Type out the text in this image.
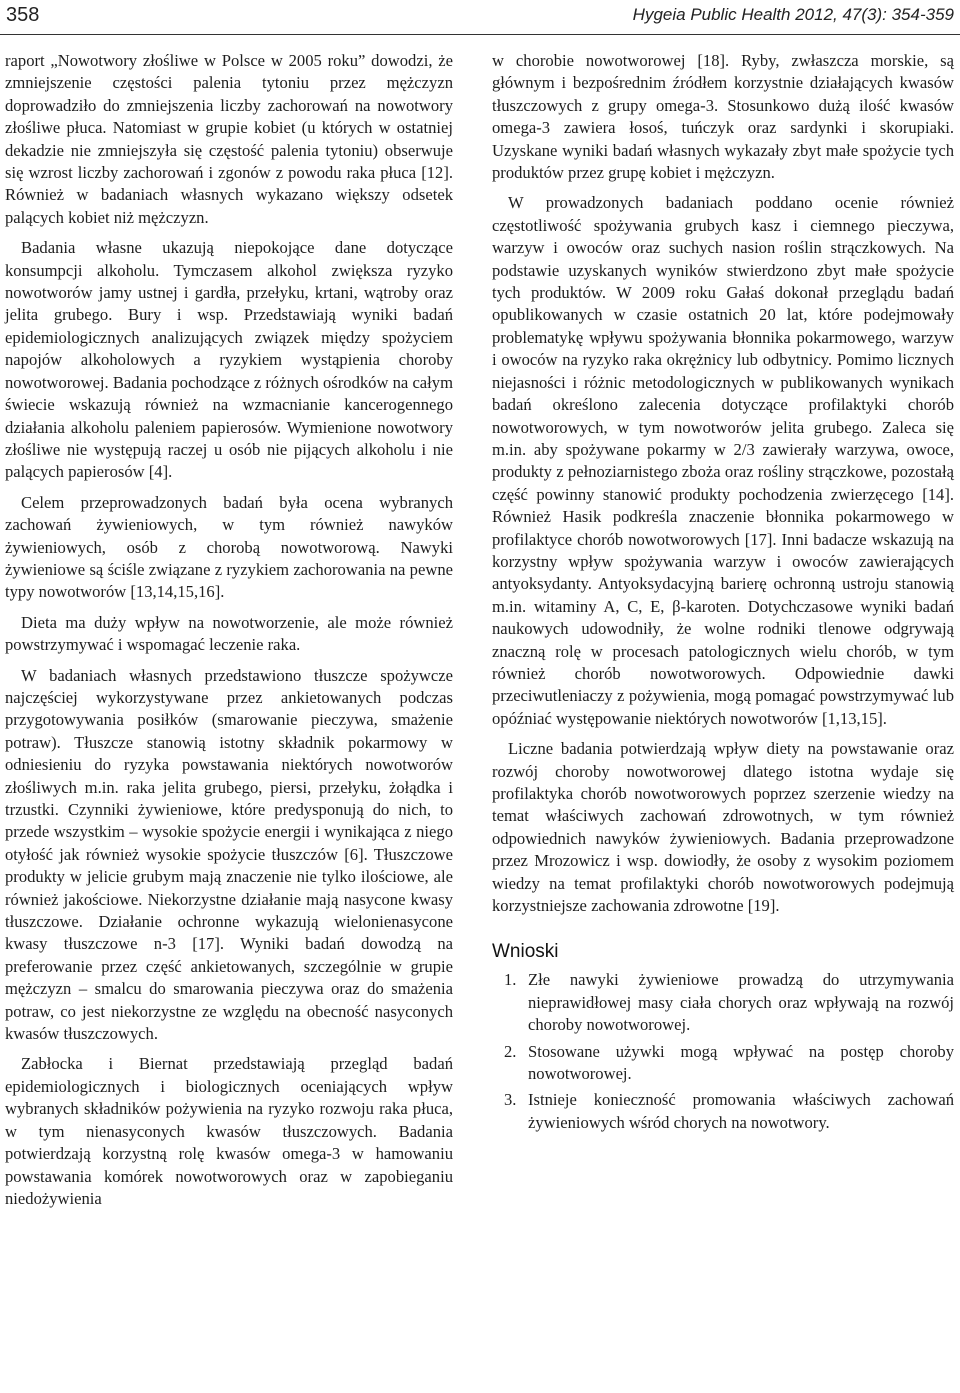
358	Hygeia Public Health 2012, 47(3): 354-359

raport „Nowotwory złośliwe w Polsce w 2005 roku” dowodzi, że zmniejszenie częstości palenia tytoniu przez mężczyzn doprowadziło do zmniejszenia liczby zachorowań na nowotwory złośliwe płuca. Natomiast w grupie kobiet (u których w ostatniej dekadzie nie zmniejszyła się częstość palenia tytoniu) obserwuje się wzrost liczby zachorowań i zgonów z powodu raka płuca [12]. Również w badaniach własnych wykazano większy odsetek palących kobiet niż mężczyzn.

Badania własne ukazują niepokojące dane dotyczące konsumpcji alkoholu. Tymczasem alkohol zwiększa ryzyko nowotworów jamy ustnej i gardła, przełyku, krtani, wątroby oraz jelita grubego. Bury i wsp. Przedstawiają wyniki badań epidemiologicznych analizujących związek między spożyciem napojów alkoholowych a ryzykiem wystąpienia choroby nowotworowej. Badania pochodzące z różnych ośrodków na całym świecie wskazują również na wzmacnianie kancerogennego działania alkoholu paleniem papierosów. Wymienione nowotwory złośliwe nie występują raczej u osób nie pijących alkoholu i nie palących papierosów [4].

Celem przeprowadzonych badań była ocena wybranych zachowań żywieniowych, w tym również nawyków żywieniowych, osób z chorobą nowotworową. Nawyki żywieniowe są ściśle związane z ryzykiem zachorowania na pewne typy nowotworów [13,14,15,16].

Dieta ma duży wpływ na nowotworzenie, ale może również powstrzymywać i wspomagać leczenie raka.

W badaniach własnych przedstawiono tłuszcze spożywcze najczęściej wykorzystywane przez ankietowanych podczas przygotowywania posiłków (smarowanie pieczywa, smażenie potraw). Tłuszcze stanowią istotny składnik pokarmowy w odniesieniu do ryzyka powstawania niektórych nowotworów złośliwych m.in. raka jelita grubego, piersi, przełyku, żołądka i trzustki. Czynniki żywieniowe, które predysponują do nich, to przede wszystkim – wysokie spożycie energii i wynikająca z niego otyłość jak również wysokie spożycie tłuszczów [6]. Tłuszczowe produkty w jelicie grubym mają znaczenie nie tylko ilościowe, ale również jakościowe. Niekorzystne działanie mają nasycone kwasy tłuszczowe. Działanie ochronne wykazują wielonienasycone kwasy tłuszczowe n-3 [17]. Wyniki badań dowodzą na preferowanie przez część ankietowanych, szczególnie w grupie mężczyzn – smalcu do smarowania pieczywa oraz do smażenia potraw, co jest niekorzystne ze względu na obecność nasyconych kwasów tłuszczowych.

Zabłocka i Biernat przedstawiają przegląd badań epidemiologicznych i biologicznych oceniających wpływ wybranych składników pożywienia na ryzyko rozwoju raka płuca, w tym nienasyconych kwasów tłuszczowych. Badania potwierdzają korzystną rolę kwasów omega-3 w hamowaniu powstawania komórek nowotworowych oraz w zapobieganiu niedożywienia

w chorobie nowotworowej [18]. Ryby, zwłaszcza morskie, są głównym i bezpośrednim źródłem korzystnie działających kwasów tłuszczowych z grupy omega-3. Stosunkowo dużą ilość kwasów omega-3 zawiera łosoś, tuńczyk oraz sardynki i skorupiaki. Uzyskane wyniki badań własnych wykazały zbyt małe spożycie tych produktów przez grupę kobiet i mężczyzn.

W prowadzonych badaniach poddano ocenie również częstotliwość spożywania grubych kasz i ciemnego pieczywa, warzyw i owoców oraz suchych nasion roślin strączkowych. Na podstawie uzyskanych wyników stwierdzono zbyt małe spożycie tych produktów. W 2009 roku Gałaś dokonał przeglądu badań opublikowanych w czasie ostatnich 20 lat, które podejmowały problematykę wpływu spożywania błonnika pokarmowego, warzyw i owoców na ryzyko raka okrężnicy lub odbytnicy. Pomimo licznych niejasności i różnic metodologicznych w publikowanych wynikach badań określono zalecenia dotyczące profilaktyki chorób nowotworowych, w tym nowotworów jelita grubego. Zaleca się m.in. aby spożywane pokarmy w 2/3 zawierały warzywa, owoce, produkty z pełnoziarnistego zboża oraz rośliny strączkowe, pozostałą część powinny stanowić produkty pochodzenia zwierzęcego [14]. Również Hasik podkreśla znaczenie błonnika pokarmowego w profilaktyce chorób nowotworowych [17]. Inni badacze wskazują na korzystny wpływ spożywania warzyw i owoców zawierających antyoksydanty. Antyoksydacyjną barierę ochronną ustroju stanowią m.in. witaminy A, C, E, β-karoten. Dotychczasowe wyniki badań naukowych udowodniły, że wolne rodniki tlenowe odgrywają znaczną rolę w procesach patologicznych wielu chorób, w tym również chorób nowotworowych. Odpowiednie dawki przeciwutleniaczy z pożywienia, mogą pomagać powstrzymywać lub opóźniać występowanie niektórych nowotworów [1,13,15].

Liczne badania potwierdzają wpływ diety na powstawanie oraz rozwój choroby nowotworowej dlatego istotna wydaje się profilaktyka chorób nowotworowych poprzez szerzenie wiedzy na temat właściwych zachowań zdrowotnych, w tym również odpowiednich nawyków żywieniowych. Badania przeprowadzone przez Mrozowicz i wsp. dowiodły, że osoby z wysokim poziomem wiedzy na temat profilaktyki chorób nowotworowych podejmują korzystniejsze zachowania zdrowotne [19].

Wnioski
1. Złe nawyki żywieniowe prowadzą do utrzymywania nieprawidłowej masy ciała chorych oraz wpływają na rozwój choroby nowotworowej.
2. Stosowane używki mogą wpływać na postęp choroby nowotworowej.
3. Istnieje konieczność promowania właściwych zachowań żywieniowych wśród chorych na nowotwory.
